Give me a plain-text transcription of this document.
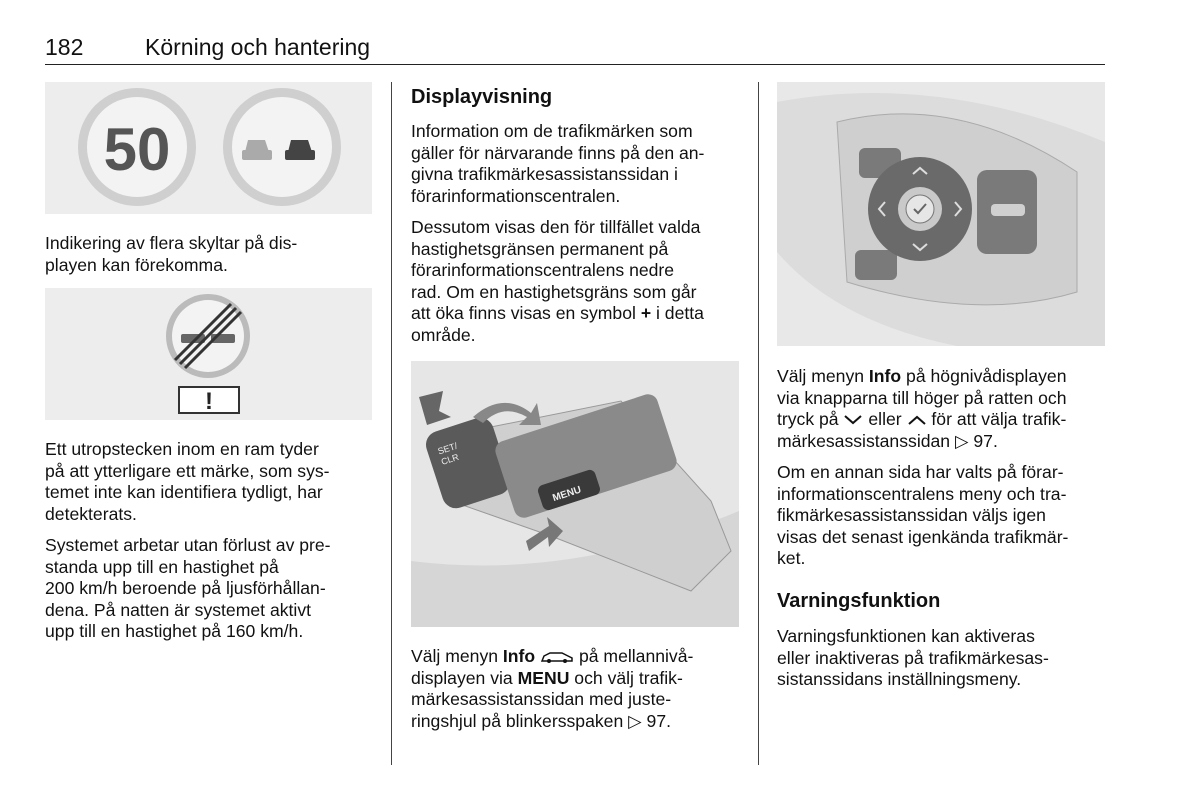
182	Körning och hantering
50

Indikering av flera skyltar på dis-
playen kan förekomma.

!

Ett utropstecken inom en ram tyder
på att ytterligare ett märke, som sys-
temet inte kan identifiera tydligt, har
detekterats.

Systemet arbetar utan förlust av pre-
standa upp till en hastighet på
200 km/h beroende på ljusförhållan-
dena. På natten är systemet aktivt
upp till en hastighet på 160 km/h.

Displayvisning

Information om de trafikmärken som
gäller för närvarande finns på den an-
givna trafikmärkesassistanssidan i
förarinformationscentralen.

Dessutom visas den för tillfället valda
hastighetsgränsen permanent på
förarinformationscentralens nedre
rad. Om en hastighetsgräns som går
att öka finns visas en symbol + i detta
område.

SET/
CLR
MENU

Välj menyn Info  på mellannivå-
displayen via MENU och välj trafik-
märkesassistanssidan med juste-
ringshjul på blinkersspaken ▷ 97.

Välj menyn Info på högnivådisplayen
via knapparna till höger på ratten och
tryck på  eller  för att välja trafik-
märkesassistanssidan ▷ 97.

Om en annan sida har valts på förar-
informationscentralens meny och tra-
fikmärkesassistanssidan väljs igen
visas det senast igenkända trafikmär-
ket.

Varningsfunktion

Varningsfunktionen kan aktiveras
eller inaktiveras på trafikmärkesas-
sistanssidans inställningsmeny.
